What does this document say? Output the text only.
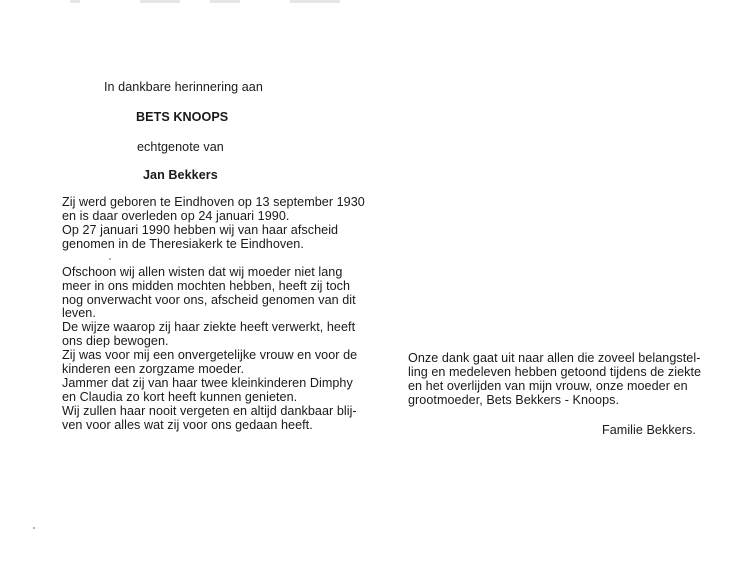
In dankbare herinnering aan
BETS KNOOPS
echtgenote van
Jan Bekkers
Zij werd geboren te Eindhoven op 13 september 1930
en is daar overleden op 24 januari 1990.
Op 27 januari 1990 hebben wij van haar afscheid
genomen in de Theresiakerk te Eindhoven.
Ofschoon wij allen wisten dat wij moeder niet lang
meer in ons midden mochten hebben, heeft zij toch
nog onverwacht voor ons, afscheid genomen van dit
leven.
De wijze waarop zij haar ziekte heeft verwerkt, heeft
ons diep bewogen.
Zij was voor mij een onvergetelijke vrouw en voor de
kinderen een zorgzame moeder.
Jammer dat zij van haar twee kleinkinderen Dimphy
en Claudia zo kort heeft kunnen genieten.
Wij zullen haar nooit vergeten en altijd dankbaar blij-
ven voor alles wat zij voor ons gedaan heeft.
Onze dank gaat uit naar allen die zoveel belangstel-
ling en medeleven hebben getoond tijdens de ziekte
en het overlijden van mijn vrouw, onze moeder en
grootmoeder, Bets Bekkers - Knoops.
Familie Bekkers.
